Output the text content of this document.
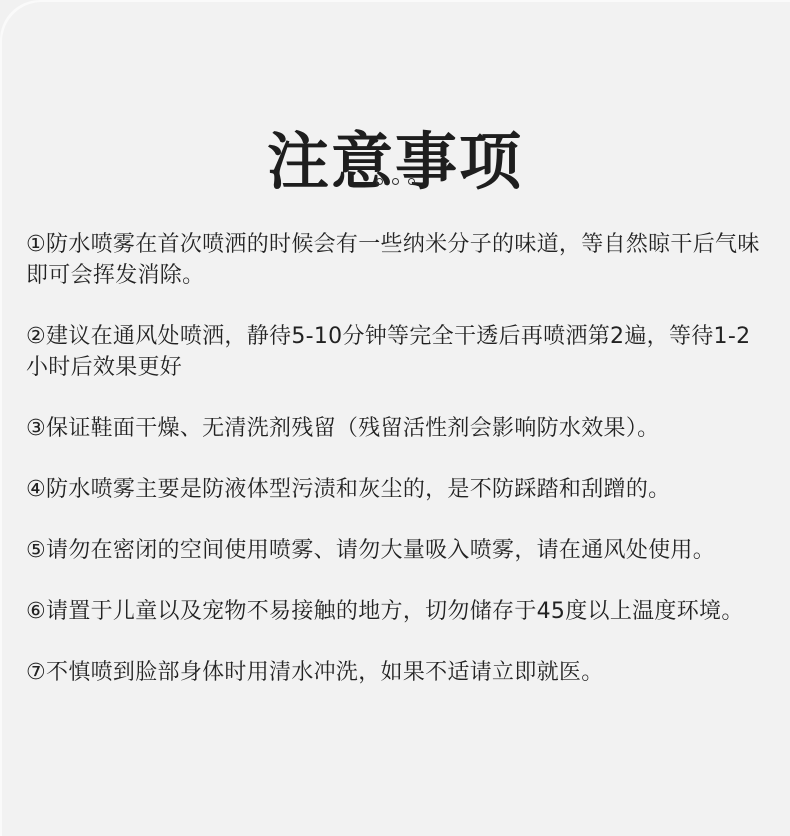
注意事项
①防水喷雾在首次喷洒的时候会有一些纳米分子的味道，等自然晾干后气味即可会挥发消除。
②建议在通风处喷洒，静待5-10分钟等完全干透后再喷洒第2遍，等待1-2小时后效果更好
③保证鞋面干燥、无清洗剂残留（残留活性剂会影响防水效果）。
④防水喷雾主要是防液体型污渍和灰尘的，是不防踩踏和刮蹭的。
⑤请勿在密闭的空间使用喷雾、请勿大量吸入喷雾，请在通风处使用。
⑥请置于儿童以及宠物不易接触的地方，切勿储存于45度以上温度环境。
⑦不慎喷到脸部身体时用清水冲洗，如果不适请立即就医。
